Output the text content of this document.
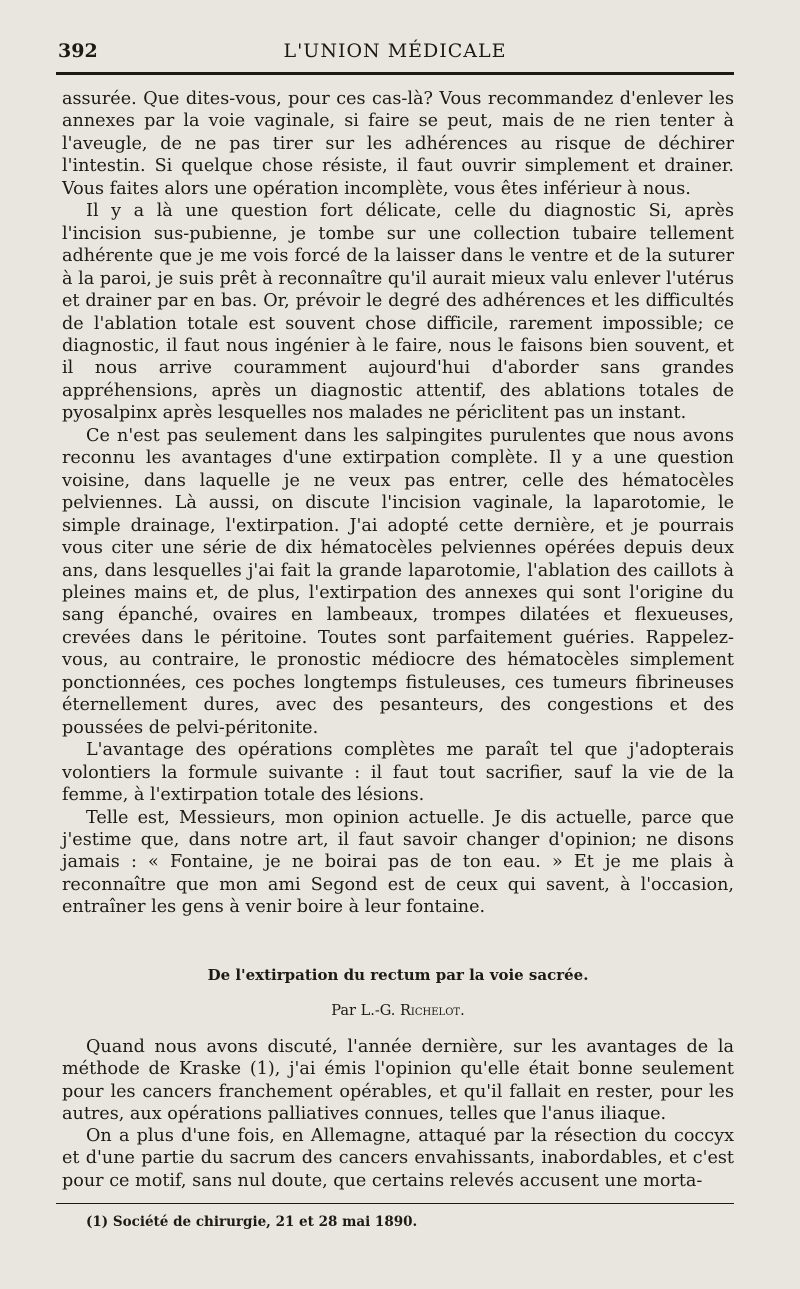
392	L'UNION MÉDICALE

assurée. Que dites-vous, pour ces cas-là? Vous recommandez d'enlever les annexes par la voie vaginale, si faire se peut, mais de ne rien tenter à l'aveugle, de ne pas tirer sur les adhérences au risque de déchirer l'intestin. Si quelque chose résiste, il faut ouvrir simplement et drainer. Vous faites alors une opération incomplète, vous êtes inférieur à nous.

Il y a là une question fort délicate, celle du diagnostic Si, après l'incision sus-pubienne, je tombe sur une collection tubaire tellement adhérente que je me vois forcé de la laisser dans le ventre et de la suturer à la paroi, je suis prêt à reconnaître qu'il aurait mieux valu enlever l'utérus et drainer par en bas. Or, prévoir le degré des adhérences et les difficultés de l'ablation totale est souvent chose difficile, rarement impossible; ce diagnostic, il faut nous ingénier à le faire, nous le faisons bien souvent, et il nous arrive couramment aujourd'hui d'aborder sans grandes appréhensions, après un diagnostic attentif, des ablations totales de pyosalpinx après lesquelles nos malades ne périclitent pas un instant.

Ce n'est pas seulement dans les salpingites purulentes que nous avons reconnu les avantages d'une extirpation complète. Il y a une question voisine, dans laquelle je ne veux pas entrer, celle des hématocèles pelviennes. Là aussi, on discute l'incision vaginale, la laparotomie, le simple drainage, l'extirpation. J'ai adopté cette dernière, et je pourrais vous citer une série de dix hématocèles pelviennes opérées depuis deux ans, dans lesquelles j'ai fait la grande laparotomie, l'ablation des caillots à pleines mains et, de plus, l'extirpation des annexes qui sont l'origine du sang épanché, ovaires en lambeaux, trompes dilatées et flexueuses, crevées dans le péritoine. Toutes sont parfaitement guéries. Rappelez-vous, au contraire, le pronostic médiocre des hématocèles simplement ponctionnées, ces poches longtemps fistuleuses, ces tumeurs fibrineuses éternellement dures, avec des pesanteurs, des congestions et des poussées de pelvi-péritonite.

L'avantage des opérations complètes me paraît tel que j'adopterais volontiers la formule suivante : il faut tout sacrifier, sauf la vie de la femme, à l'extirpation totale des lésions.

Telle est, Messieurs, mon opinion actuelle. Je dis actuelle, parce que j'estime que, dans notre art, il faut savoir changer d'opinion; ne disons jamais : « Fontaine, je ne boirai pas de ton eau. » Et je me plais à reconnaître que mon ami Segond est de ceux qui savent, à l'occasion, entraîner les gens à venir boire à leur fontaine.

De l'extirpation du rectum par la voie sacrée.
Par L.-G. Richelot.

Quand nous avons discuté, l'année dernière, sur les avantages de la méthode de Kraske (1), j'ai émis l'opinion qu'elle était bonne seulement pour les cancers franchement opérables, et qu'il fallait en rester, pour les autres, aux opérations palliatives connues, telles que l'anus iliaque.

On a plus d'une fois, en Allemagne, attaqué par la résection du coccyx et d'une partie du sacrum des cancers envahissants, inabordables, et c'est pour ce motif, sans nul doute, que certains relevés accusent une morta-

(1) Société de chirurgie, 21 et 28 mai 1890.
